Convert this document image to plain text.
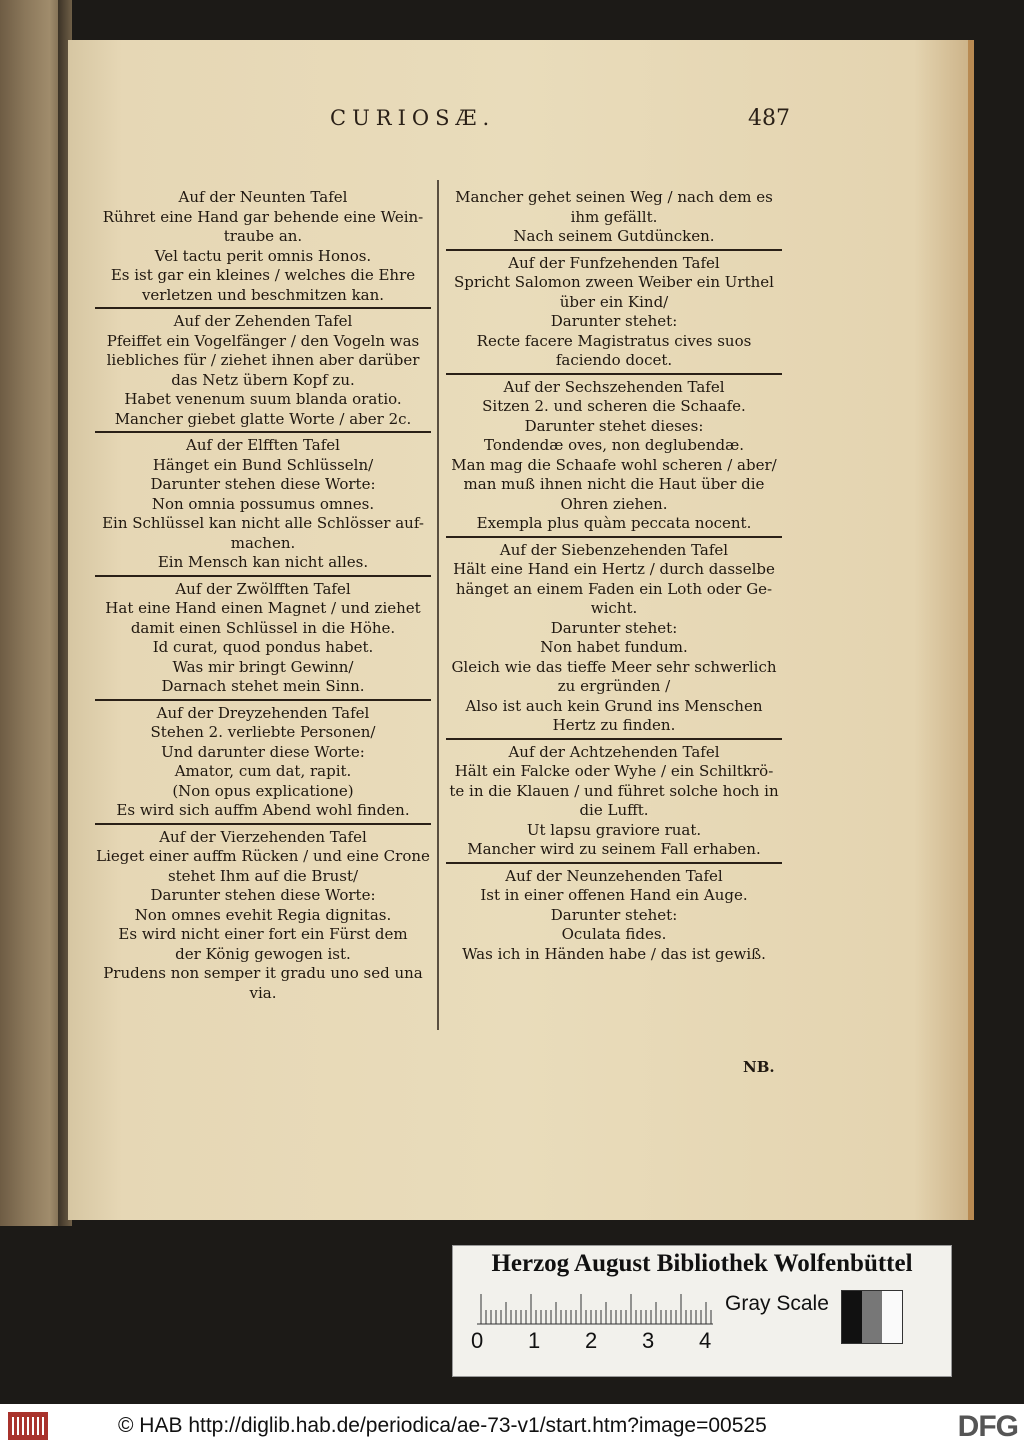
CURIOSÆ.	487
Auf der Neunten Tafel
Rühret eine Hand gar behende eine Wein-
traube an.
Vel tactu perit omnis Honos.
Es ist gar ein kleines / welches die Ehre
verletzen und beschmitzen kan.
Auf der Zehenden Tafel
Pfeiffet ein Vogelfänger / den Vogeln was
liebliches für / ziehet ihnen aber darüber
das Netz übern Kopf zu.
Habet venenum suum blanda oratio.
Mancher giebet glatte Worte / aber 2c.
Auf der Elfften Tafel
Hänget ein Bund Schlüsseln/
Darunter stehen diese Worte:
Non omnia possumus omnes.
Ein Schlüssel kan nicht alle Schlösser auf-
machen.
Ein Mensch kan nicht alles.
Auf der Zwölfften Tafel
Hat eine Hand einen Magnet / und ziehet
damit einen Schlüssel in die Höhe.
Id curat, quod pondus habet.
Was mir bringt Gewinn/
Darnach stehet mein Sinn.
Auf der Dreyzehenden Tafel
Stehen 2. verliebte Personen/
Und darunter diese Worte:
Amator, cum dat, rapit.
(Non opus explicatione)
Es wird sich auffm Abend wohl finden.
Auf der Vierzehenden Tafel
Lieget einer auffm Rücken / und eine Crone
stehet Ihm auf die Brust/
Darunter stehen diese Worte:
Non omnes evehit Regia dignitas.
Es wird nicht einer fort ein Fürst dem
der König gewogen ist.
Prudens non semper it gradu uno sed una
via.
Mancher gehet seinen Weg / nach dem es
ihm gefällt.
Nach seinem Gutdüncken.
Auf der Funfzehenden Tafel
Spricht Salomon zween Weiber ein Urthel
über ein Kind/
Darunter stehet:
Recte facere Magistratus cives suos
faciendo docet.
Auf der Sechszehenden Tafel
Sitzen 2. und scheren die Schaafe.
Darunter stehet dieses:
Tondendæ oves, non deglubendæ.
Man mag die Schaafe wohl scheren / aber/
man muß ihnen nicht die Haut über die
Ohren ziehen.
Exempla plus quàm peccata nocent.
Auf der Siebenzehenden Tafel
Hält eine Hand ein Hertz / durch dasselbe
hänget an einem Faden ein Loth oder Ge-
wicht.
Darunter stehet:
Non habet fundum.
Gleich wie das tieffe Meer sehr schwerlich
zu ergründen /
Also ist auch kein Grund ins Menschen
Hertz zu finden.
Auf der Achtzehenden Tafel
Hält ein Falcke oder Wyhe / ein Schiltkrö-
te in die Klauen / und führet solche hoch in
die Lufft.
Ut lapsu graviore ruat.
Mancher wird zu seinem Fall erhaben.
Auf der Neunzehenden Tafel
Ist in einer offenen Hand ein Auge.
Darunter stehet:
Oculata fides.
Was ich in Händen habe / das ist gewiß.
NB.
Herzog August Bibliothek Wolfenbüttel
0 1 2 3 4
Gray Scale
© HAB http://diglib.hab.de/periodica/ae-73-v1/start.htm?image=00525	DFG
